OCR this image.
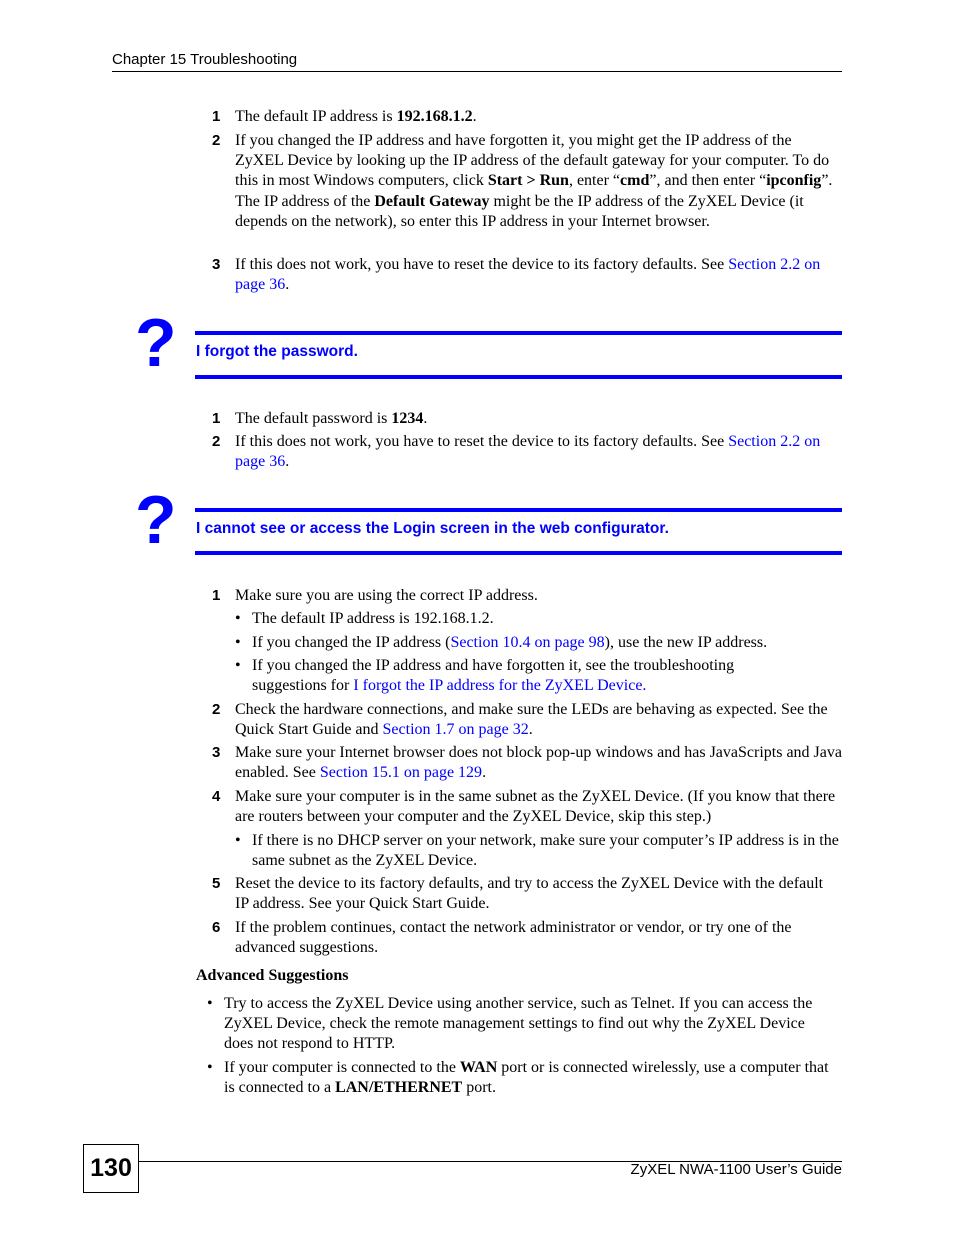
Chapter 15 Troubleshooting
1 The default IP address is 192.168.1.2.
2 If you changed the IP address and have forgotten it, you might get the IP address of the ZyXEL Device by looking up the IP address of the default gateway for your computer. To do this in most Windows computers, click Start > Run, enter “cmd”, and then enter “ipconfig”. The IP address of the Default Gateway might be the IP address of the ZyXEL Device (it depends on the network), so enter this IP address in your Internet browser.
3 If this does not work, you have to reset the device to its factory defaults. See Section 2.2 on page 36.
? I forgot the password.
1 The default password is 1234.
2 If this does not work, you have to reset the device to its factory defaults. See Section 2.2 on page 36.
? I cannot see or access the Login screen in the web configurator.
1 Make sure you are using the correct IP address.
• The default IP address is 192.168.1.2.
• If you changed the IP address (Section 10.4 on page 98), use the new IP address.
• If you changed the IP address and have forgotten it, see the troubleshooting suggestions for I forgot the IP address for the ZyXEL Device.
2 Check the hardware connections, and make sure the LEDs are behaving as expected. See the Quick Start Guide and Section 1.7 on page 32.
3 Make sure your Internet browser does not block pop-up windows and has JavaScripts and Java enabled. See Section 15.1 on page 129.
4 Make sure your computer is in the same subnet as the ZyXEL Device. (If you know that there are routers between your computer and the ZyXEL Device, skip this step.)
• If there is no DHCP server on your network, make sure your computer’s IP address is in the same subnet as the ZyXEL Device.
5 Reset the device to its factory defaults, and try to access the ZyXEL Device with the default IP address. See your Quick Start Guide.
6 If the problem continues, contact the network administrator or vendor, or try one of the advanced suggestions.
Advanced Suggestions
• Try to access the ZyXEL Device using another service, such as Telnet. If you can access the ZyXEL Device, check the remote management settings to find out why the ZyXEL Device does not respond to HTTP.
• If your computer is connected to the WAN port or is connected wirelessly, use a computer that is connected to a LAN/ETHERNET port.
130	ZyXEL NWA-1100 User’s Guide
